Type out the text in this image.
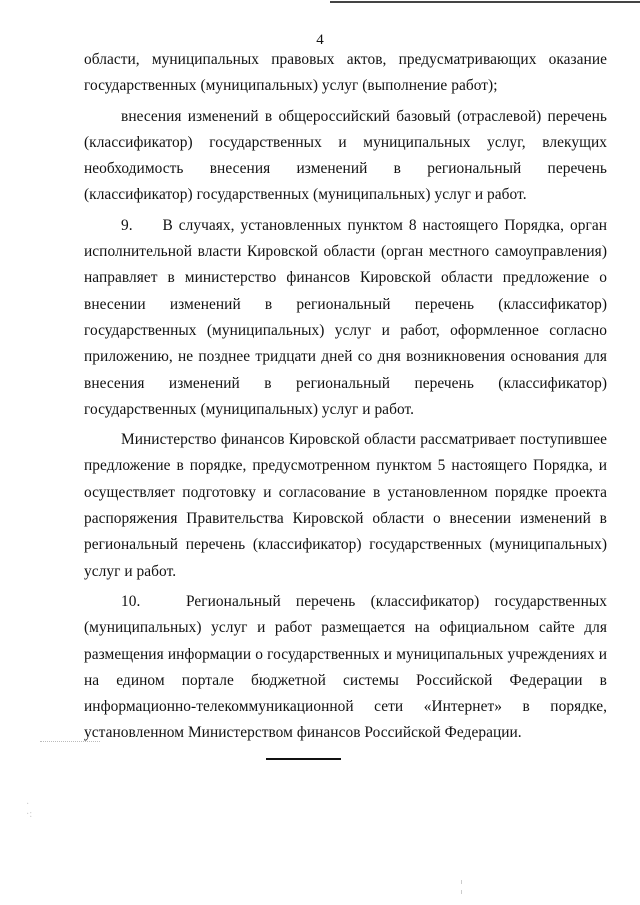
4

области, муниципальных правовых актов, предусматривающих оказание государственных (муниципальных) услуг (выполнение работ);

внесения изменений в общероссийский базовый (отраслевой) перечень (классификатор) государственных и муниципальных услуг, влекущих необходимость внесения изменений в региональный перечень (классификатор) государственных (муниципальных) услуг и работ.

9.     В случаях, установленных пунктом 8 настоящего Порядка, орган исполнительной власти Кировской области (орган местного самоуправления) направляет в министерство финансов Кировской области предложение о внесении изменений в региональный перечень (классификатор) государственных (муниципальных) услуг и работ, оформленное согласно приложению, не позднее тридцати дней со дня возникновения основания для внесения изменений в региональный перечень (классификатор) государственных (муниципальных) услуг и работ.

Министерство финансов Кировской области рассматривает поступившее предложение в порядке, предусмотренном пунктом 5 настоящего Порядка, и осуществляет подготовку и согласование в установленном порядке проекта распоряжения Правительства Кировской области о внесении изменений в региональный перечень (классификатор) государственных (муниципальных) услуг и работ.

10.   Региональный перечень (классификатор) государственных (муниципальных) услуг и работ размещается на официальном сайте для размещения информации о государственных и муниципальных учреждениях и на едином портале бюджетной системы Российской Федерации в информационно-телекоммуникационной сети «Интернет» в порядке, установленном Министерством финансов Российской Федерации.

·
·:
